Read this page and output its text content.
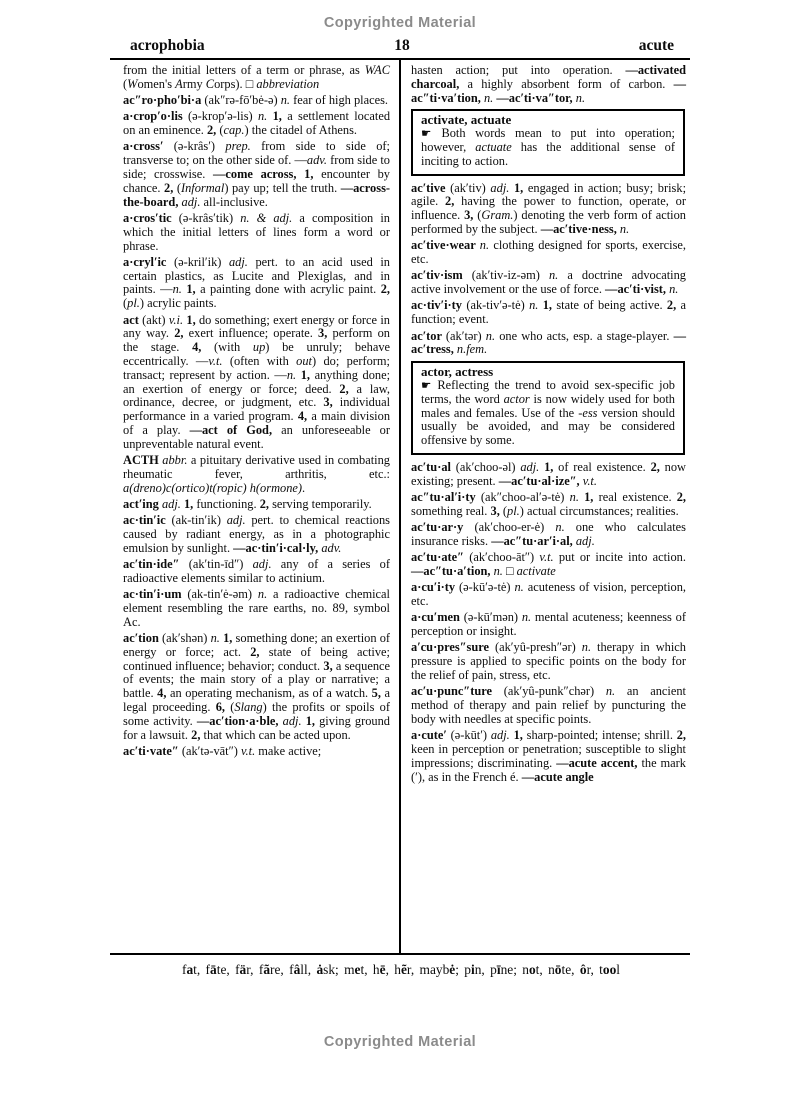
Copyrighted Material
acrophobia	18	acute
from the initial letters of a term or phrase, as WAC (Women's Army Corps). □ abbreviation
ac″ro·pho′bi·a (ak″rə-fō′bė-ə) n. fear of high places.
a·crop′o·lis (ə-krop′ə-lis) n. 1, a settlement located on an eminence. 2, (cap.) the citadel of Athens.
a·cross′ (ə-krâs′) prep. from side to side of; transverse to; on the other side of. —adv. from side to side; crosswise. —come across, 1, encounter by chance. 2, (Informal) pay up; tell the truth. —across-the-board, adj. all-inclusive.
a·cros′tic (ə-krâs′tik) n. & adj. a composition in which the initial letters of lines form a word or phrase.
a·cryl′ic (ə-kril′ik) adj. pert. to an acid used in certain plastics, as Lucite and Plexiglas, and in paints. —n. 1, a painting done with acrylic paint. 2, (pl.) acrylic paints.
act (akt) v.i. 1, do something; exert energy or force in any way. 2, exert influence; operate. 3, perform on the stage. 4, (with up) be unruly; behave eccentrically. —v.t. (often with out) do; perform; transact; represent by action. —n. 1, anything done; an exertion of energy or force; deed. 2, a law, ordinance, decree, or judgment, etc. 3, individual performance in a varied program. 4, a main division of a play. —act of God, an unforeseeable or unpreventable natural event.
ACTH abbr. a pituitary derivative used in combating rheumatic fever, arthritis, etc.: a(dreno)c(ortico)t(ropic) h(ormone).
act′ing adj. 1, functioning. 2, serving temporarily.
ac·tin′ic (ak-tin′ik) adj. pert. to chemical reactions caused by radiant energy, as in a photographic emulsion by sunlight. —ac·tin′i·cal·ly, adv.
ac′tin·ide″ (ak′tin-īd″) adj. any of a series of radioactive elements similar to actinium.
ac·tin′i·um (ak-tin′ė-əm) n. a radioactive chemical element resembling the rare earths, no. 89, symbol Ac.
ac′tion (ak′shən) n. 1, something done; an exertion of energy or force; act. 2, state of being active; continued influence; behavior; conduct. 3, a sequence of events; the main story of a play or narrative; a battle. 4, an operating mechanism, as of a watch. 5, a legal proceeding. 6, (Slang) the profits or spoils of some activity. —ac′tion·a·ble, adj. 1, giving ground for a lawsuit. 2, that which can be acted upon.
ac′ti·vate″ (ak′tə-vāt″) v.t. make active;
hasten action; put into operation. —activated charcoal, a highly absorbent form of carbon. —ac″ti·va′tion, n. —ac′ti·va″tor, n.
activate, actuate
☛ Both words mean to put into operation; however, actuate has the additional sense of inciting to action.
ac′tive (ak′tiv) adj. 1, engaged in action; busy; brisk; agile. 2, having the power to function, operate, or influence. 3, (Gram.) denoting the verb form of action performed by the subject. —ac′tive·ness, n.
ac′tive·wear n. clothing designed for sports, exercise, etc.
ac′tiv·ism (ak′tiv-iz-əm) n. a doctrine advocating active involvement or the use of force. —ac′ti·vist, n.
ac·tiv′i·ty (ak-tiv′ə-tė) n. 1, state of being active. 2, a function; event.
ac′tor (ak′tər) n. one who acts, esp. a stage-player. —ac′tress, n.fem.
actor, actress
☛ Reflecting the trend to avoid sex-specific job terms, the word actor is now widely used for both males and females. Use of the -ess version should usually be avoided, and may be considered offensive by some.
ac′tu·al (ak′choo-əl) adj. 1, of real existence. 2, now existing; present. —ac′tu·al·ize″, v.t.
ac″tu·al′i·ty (ak″choo-al′ə-tė) n. 1, real existence. 2, something real. 3, (pl.) actual circumstances; realities.
ac′tu·ar·y (ak′choo-er-ė) n. one who calculates insurance risks. —ac″tu·ar′i·al, adj.
ac′tu·ate″ (ak′choo-āt″) v.t. put or incite into action. —ac″tu·a′tion, n. □ activate
a·cu′i·ty (ə-kū′ə-tė) n. acuteness of vision, perception, etc.
a·cu′men (ə-kū′mən) n. mental acuteness; keenness of perception or insight.
a′cu·pres″sure (ak′yû-presh″ər) n. therapy in which pressure is applied to specific points on the body for the relief of pain, stress, etc.
ac′u·punc″ture (ak′yû-punk″chər) n. an ancient method of therapy and pain relief by puncturing the body with needles at specific points.
a·cute′ (ə-kūt′) adj. 1, sharp-pointed; intense; shrill. 2, keen in perception or penetration; susceptible to slight impressions; discriminating. —acute accent, the mark (′), as in the French é. —acute angle
fat, fāte, fär, fãre, fâll, ȧsk; met, hē, hẽr, maybė; pin, pīne; not, nōte, ôr, tool
Copyrighted Material
